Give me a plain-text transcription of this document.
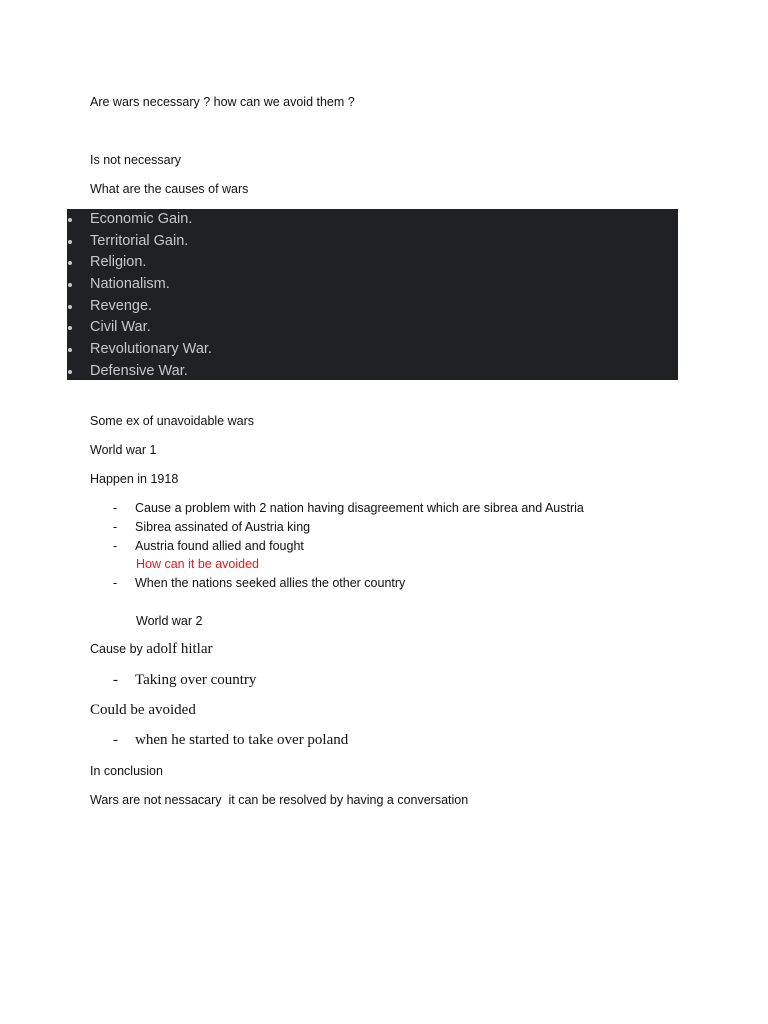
Are wars necessary ? how can we avoid them ?
Is not necessary
What are the causes of wars
Economic Gain.
Territorial Gain.
Religion.
Nationalism.
Revenge.
Civil War.
Revolutionary War.
Defensive War.
Some ex of unavoidable wars
World war 1
Happen in 1918
- Cause a problem with 2 nation having disagreement which are sibrea and Austria
- Sibrea assinated of Austria king
- Austria found allied and fought
How can it be avoided
- When the nations seeked allies the other country
World war 2
Cause by adolf hitlar
- Taking over country
Could be avoided
- when he started to take over poland
In conclusion
Wars are not nessacary  it can be resolved by having a conversation
